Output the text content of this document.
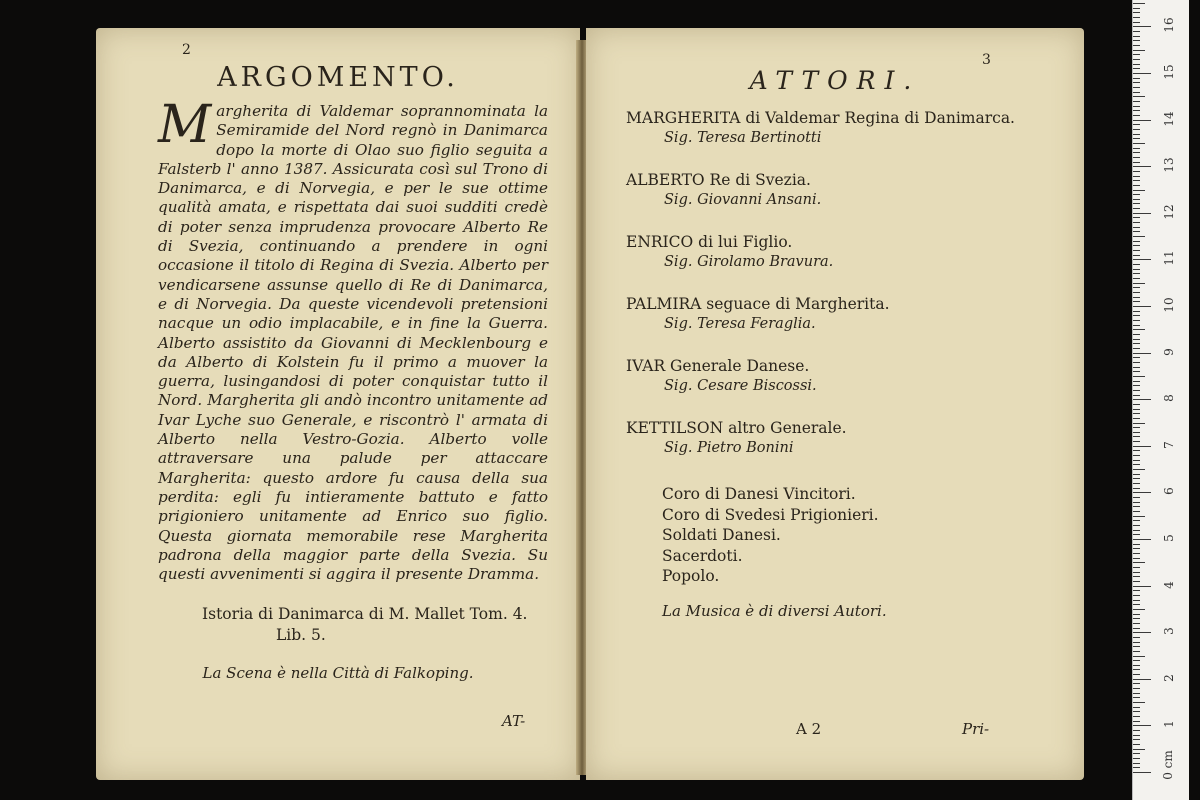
2
ARGOMENTO.
Margherita di Valdemar soprannominata la Semiramide del Nord regnò in Danimarca dopo la morte di Olao suo figlio seguita a Falsterb l' anno 1387. Assicurata così sul Trono di Danimarca, e di Norvegia, e per le sue ottime qualità amata, e rispettata dai suoi sudditi credè di poter senza imprudenza provocare Alberto Re di Svezia, continuando a prendere in ogni occasione il titolo di Regina di Svezia. Alberto per vendicarsene assunse quello di Re di Danimarca, e di Norvegia. Da queste vicendevoli pretensioni nacque un odio implacabile, e in fine la Guerra. Alberto assistito da Giovanni di Mecklenbourg e da Alberto di Kolstein fu il primo a muover la guerra, lusingandosi di poter conquistar tutto il Nord. Margherita gli andò incontro unitamente ad Ivar Lyche suo Generale, e riscontrò l' armata di Alberto nella Vestro-Gozia. Alberto volle attraversare una palude per attaccare Margherita: questo ardore fu causa della sua perdita: egli fu intieramente battuto e fatto prigioniero unitamente ad Enrico suo figlio. Questa giornata memorabile rese Margherita padrona della maggior parte della Svezia. Su questi avvenimenti si aggira il presente Dramma.
Istoria di Danimarca di M. Mallet Tom. 4.
Lib. 5.
La Scena è nella Città di Falkoping.
AT-
3
ATTORI.
MARGHERITA di Valdemar Regina di Danimarca.
Sig. Teresa Bertinotti
ALBERTO Re di Svezia.
Sig. Giovanni Ansani.
ENRICO di lui Figlio.
Sig. Girolamo Bravura.
PALMIRA seguace di Margherita.
Sig. Teresa Feraglia.
IVAR Generale Danese.
Sig. Cesare Biscossi.
KETTILSON altro Generale.
Sig. Pietro Bonini
Coro di Danesi Vincitori.
Coro di Svedesi Prigionieri.
Soldati Danesi.
Sacerdoti.
Popolo.
La Musica è di diversi Autori.
A 2	Pri-
0 cm
1
2
3
4
5
6
7
8
9
10
11
12
13
14
15
16
